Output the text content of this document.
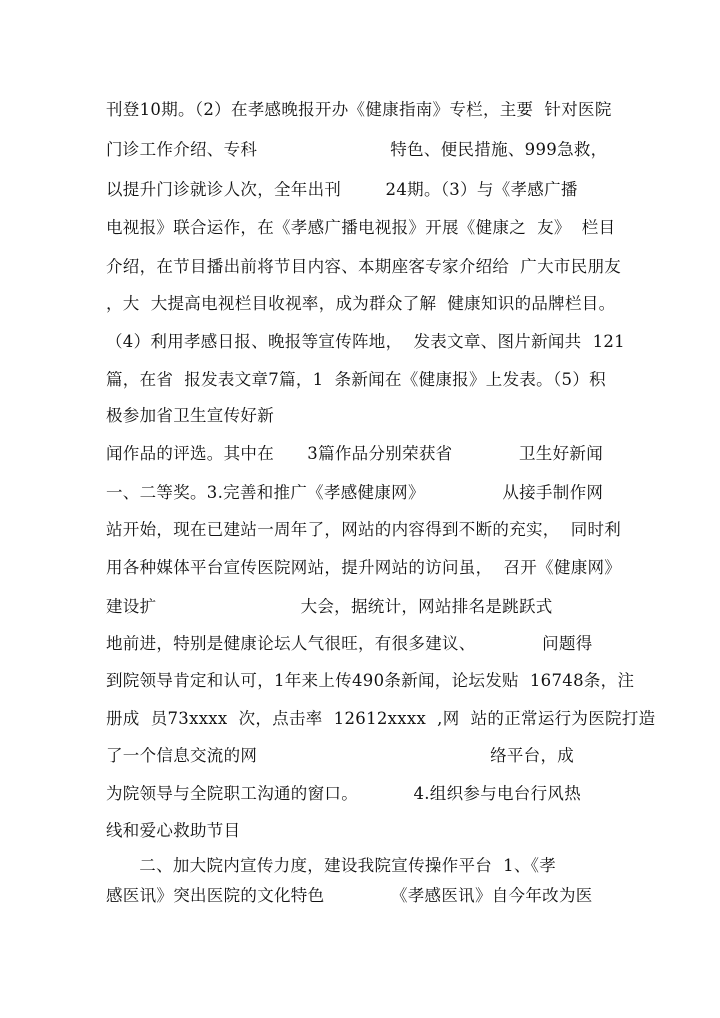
刊登10期。（2）在孝感晚报开办《健康指南》专栏，主要  针对医院
门诊工作介绍、专科                        特色、便民措施、999急救，
以提升门诊就诊人次，全年出刊        24期。（3）与《孝感广播
电视报》联合运作，在《孝感广播电视报》开展《健康之  友》  栏目
介绍，在节目播出前将节目内容、本期座客专家介绍给  广大市民朋友
，大  大提高电视栏目收视率，成为群众了解  健康知识的品牌栏目。
（4）利用孝感日报、晚报等宣传阵地，  发表文章、图片新闻共  121
篇，在省  报发表文章7篇，1  条新闻在《健康报》上发表。（5）积
极参加省卫生宣传好新
闻作品的评选。其中在      3篇作品分别荣获省            卫生好新闻
一、二等奖。3.完善和推广《孝感健康网》              从接手制作网
站开始，现在已建站一周年了，网站的内容得到不断的充实，  同时利
用各种媒体平台宣传医院网站，提升网站的访问虽，  召开《健康网》
建设扩                          大会，据统计，网站排名是跳跃式
地前进，特别是健康论坛人气很旺，有很多建议、            问题得
到院领导肯定和认可，1年来上传490条新闻，论坛发贴  16748条，注
册成  员73xxxx  次，点击率  12612xxxx  ,网  站的正常运行为医院打造
了一个信息交流的网                                          络平台，成
为院领导与全院职工沟通的窗口。          4.组织参与电台行风热
线和爱心救助节目
二、加大院内宣传力度，建设我院宣传操作平台  1、《孝
感医讯》突出医院的文化特色            《孝感医讯》自今年改为医
